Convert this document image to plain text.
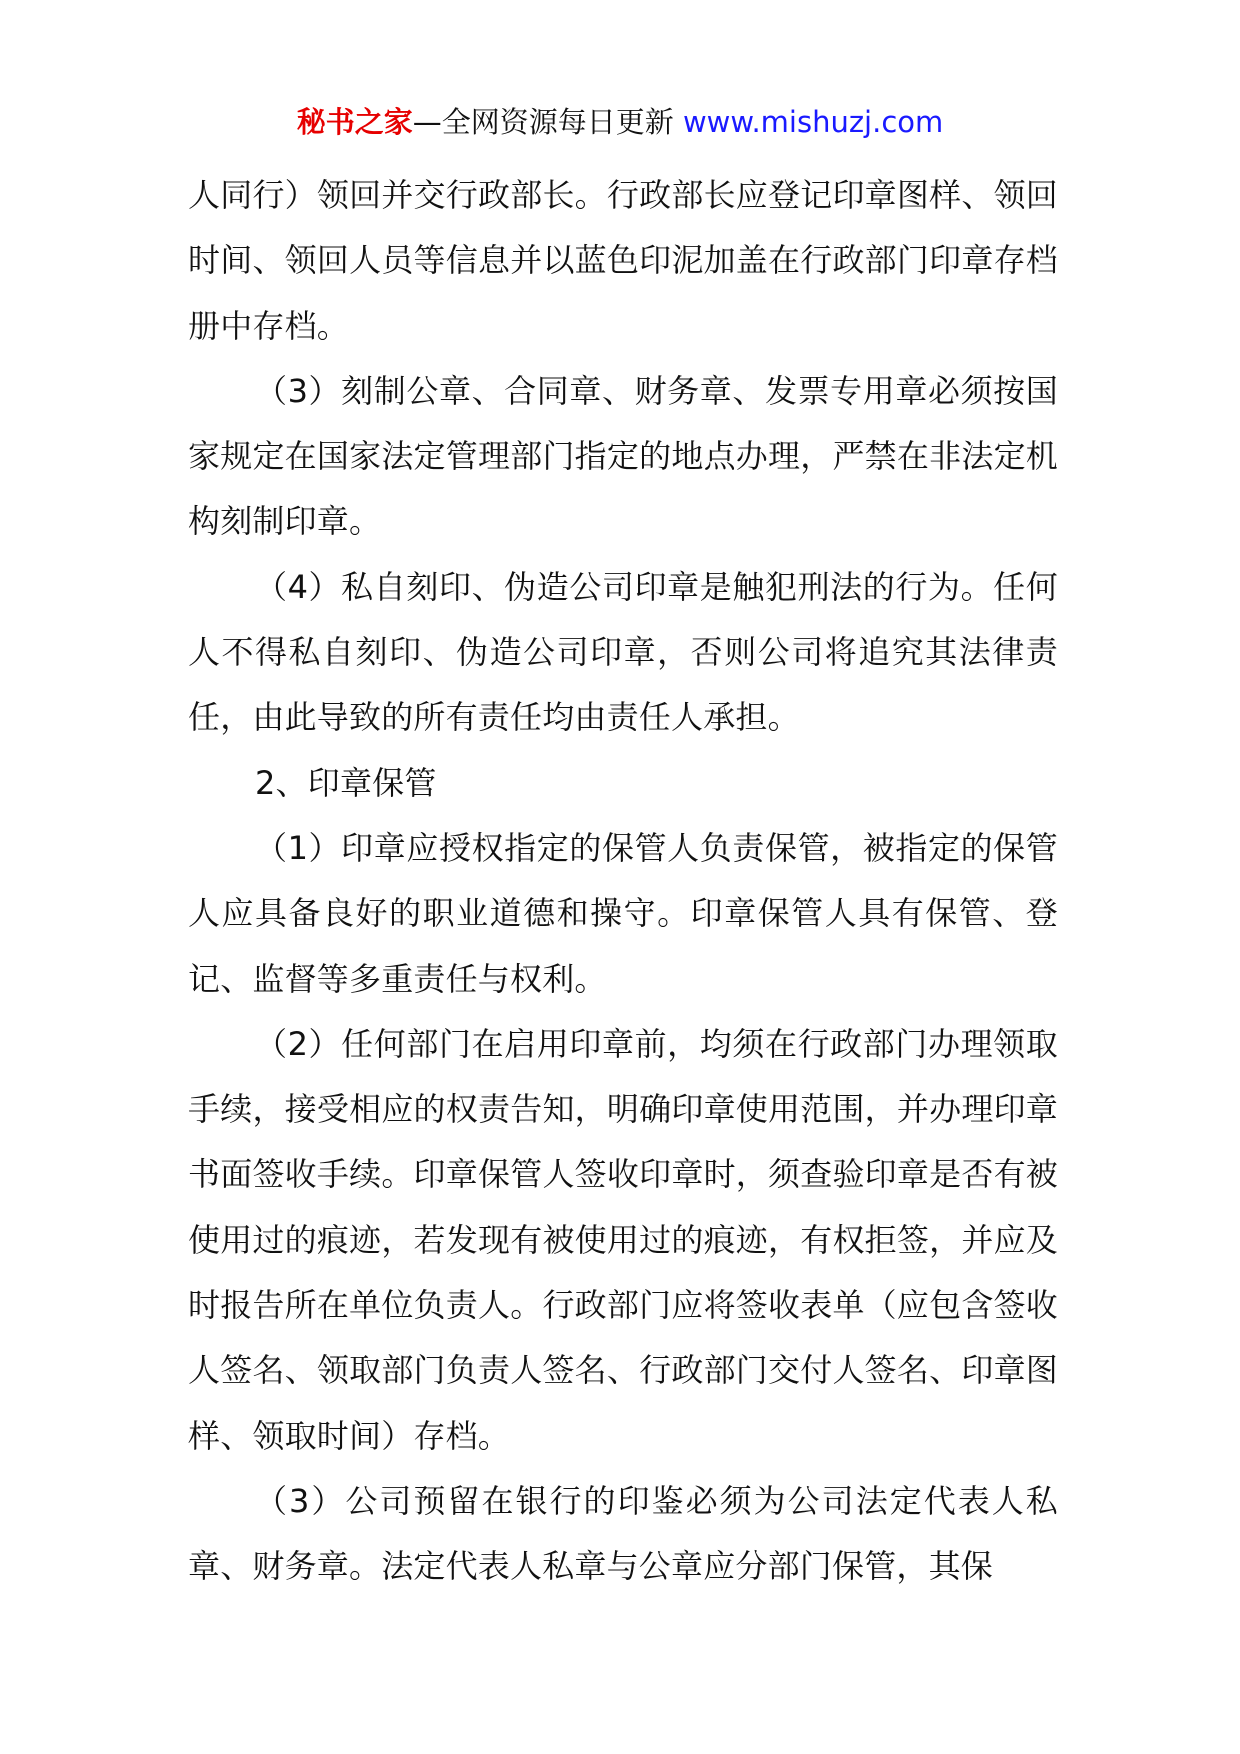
秘书之家—全网资源每日更新 www.mishuzj.com

人同行）领回并交行政部长。行政部长应登记印章图样、领回时间、领回人员等信息并以蓝色印泥加盖在行政部门印章存档册中存档。

（3）刻制公章、合同章、财务章、发票专用章必须按国家规定在国家法定管理部门指定的地点办理，严禁在非法定机构刻制印章。

（4）私自刻印、伪造公司印章是触犯刑法的行为。任何人不得私自刻印、伪造公司印章，否则公司将追究其法律责任，由此导致的所有责任均由责任人承担。

2、印章保管

（1）印章应授权指定的保管人负责保管，被指定的保管人应具备良好的职业道德和操守。印章保管人具有保管、登记、监督等多重责任与权利。

（2）任何部门在启用印章前，均须在行政部门办理领取手续，接受相应的权责告知，明确印章使用范围，并办理印章书面签收手续。印章保管人签收印章时，须查验印章是否有被使用过的痕迹，若发现有被使用过的痕迹，有权拒签，并应及时报告所在单位负责人。行政部门应将签收表单（应包含签收人签名、领取部门负责人签名、行政部门交付人签名、印章图样、领取时间）存档。

（3）公司预留在银行的印鉴必须为公司法定代表人私章、财务章。法定代表人私章与公章应分部门保管，其保
